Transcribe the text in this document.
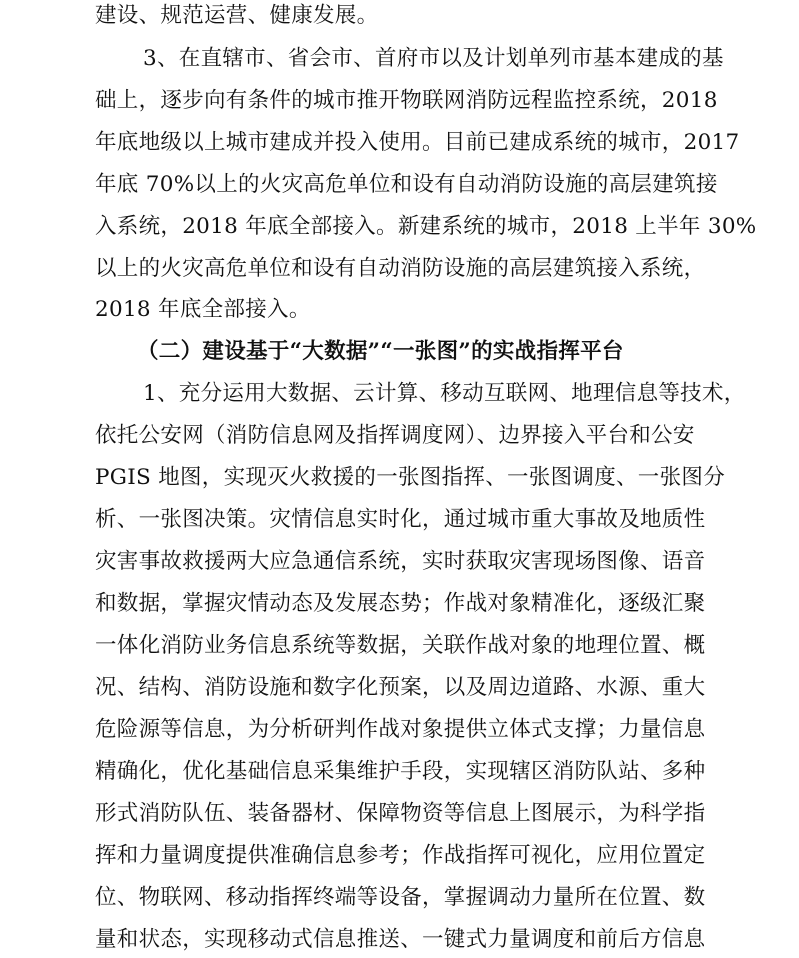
建设、规范运营、健康发展。
3、在直辖市、省会市、首府市以及计划单列市基本建成的基
础上，逐步向有条件的城市推开物联网消防远程监控系统，2018
年底地级以上城市建成并投入使用。目前已建成系统的城市，2017
年底 70%以上的火灾高危单位和设有自动消防设施的高层建筑接
入系统，2018 年底全部接入。新建系统的城市，2018 上半年 30%
以上的火灾高危单位和设有自动消防设施的高层建筑接入系统，
2018 年底全部接入。
（二）建设基于“大数据”“一张图”的实战指挥平台
1、充分运用大数据、云计算、移动互联网、地理信息等技术，
依托公安网（消防信息网及指挥调度网）、边界接入平台和公安
PGIS 地图，实现灭火救援的一张图指挥、一张图调度、一张图分
析、一张图决策。灾情信息实时化，通过城市重大事故及地质性
灾害事故救援两大应急通信系统，实时获取灾害现场图像、语音
和数据，掌握灾情动态及发展态势；作战对象精准化，逐级汇聚
一体化消防业务信息系统等数据，关联作战对象的地理位置、概
况、结构、消防设施和数字化预案，以及周边道路、水源、重大
危险源等信息，为分析研判作战对象提供立体式支撑；力量信息
精确化，优化基础信息采集维护手段，实现辖区消防队站、多种
形式消防队伍、装备器材、保障物资等信息上图展示，为科学指
挥和力量调度提供准确信息参考；作战指挥可视化，应用位置定
位、物联网、移动指挥终端等设备，掌握调动力量所在位置、数
量和状态，实现移动式信息推送、一键式力量调度和前后方信息
